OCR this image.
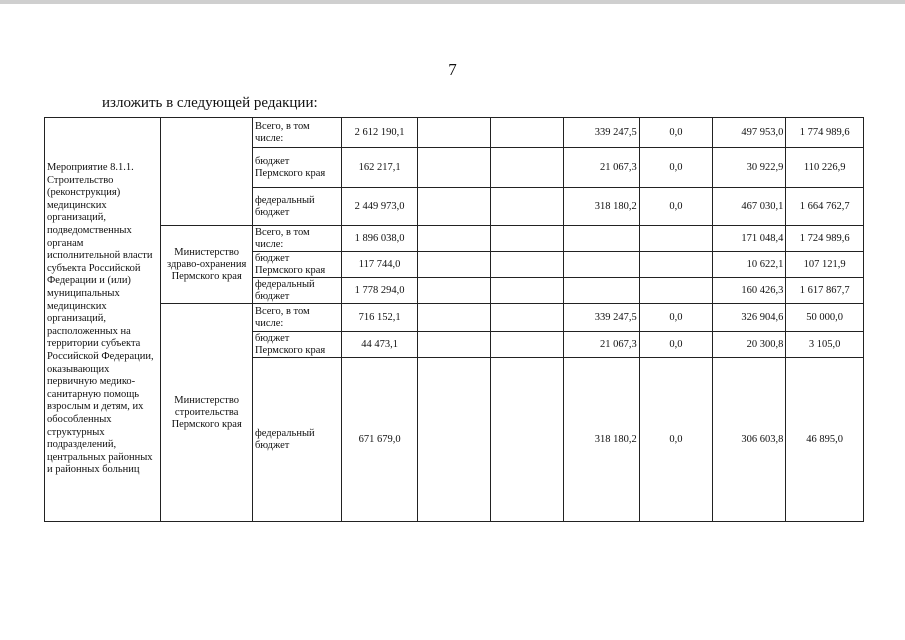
7
изложить в следующей редакции:
Мероприятие 8.1.1. Строительство (реконструкция) медицинских организаций, подведомственных органам исполнительной власти субъекта Российской Федерации и (или) муниципальных медицинских организаций, расположенных на территории субъекта Российской Федерации, оказывающих первичную медико-санитарную помощь взрослым и детям, их обособленных структурных подразделений, центральных районных и районных больниц		Всего, в том числе:	2 612 190,1			339 247,5	0,0	497 953,0	1 774 989,6
		бюджет Пермского края	162 217,1			21 067,3	0,0	30 922,9	110 226,9
		федеральный бюджет	2 449 973,0			318 180,2	0,0	467 030,1	1 664 762,7
	Министерство здраво-охранения Пермского края	Всего, в том числе:	1 896 038,0					171 048,4	1 724 989,6
		бюджет Пермского края	117 744,0					10 622,1	107 121,9
		федеральный бюджет	1 778 294,0					160 426,3	1 617 867,7
	Министерство строительства Пермского края	Всего, в том числе:	716 152,1			339 247,5	0,0	326 904,6	50 000,0
		бюджет Пермского края	44 473,1			21 067,3	0,0	20 300,8	3 105,0
		федеральный бюджет	671 679,0			318 180,2	0,0	306 603,8	46 895,0
